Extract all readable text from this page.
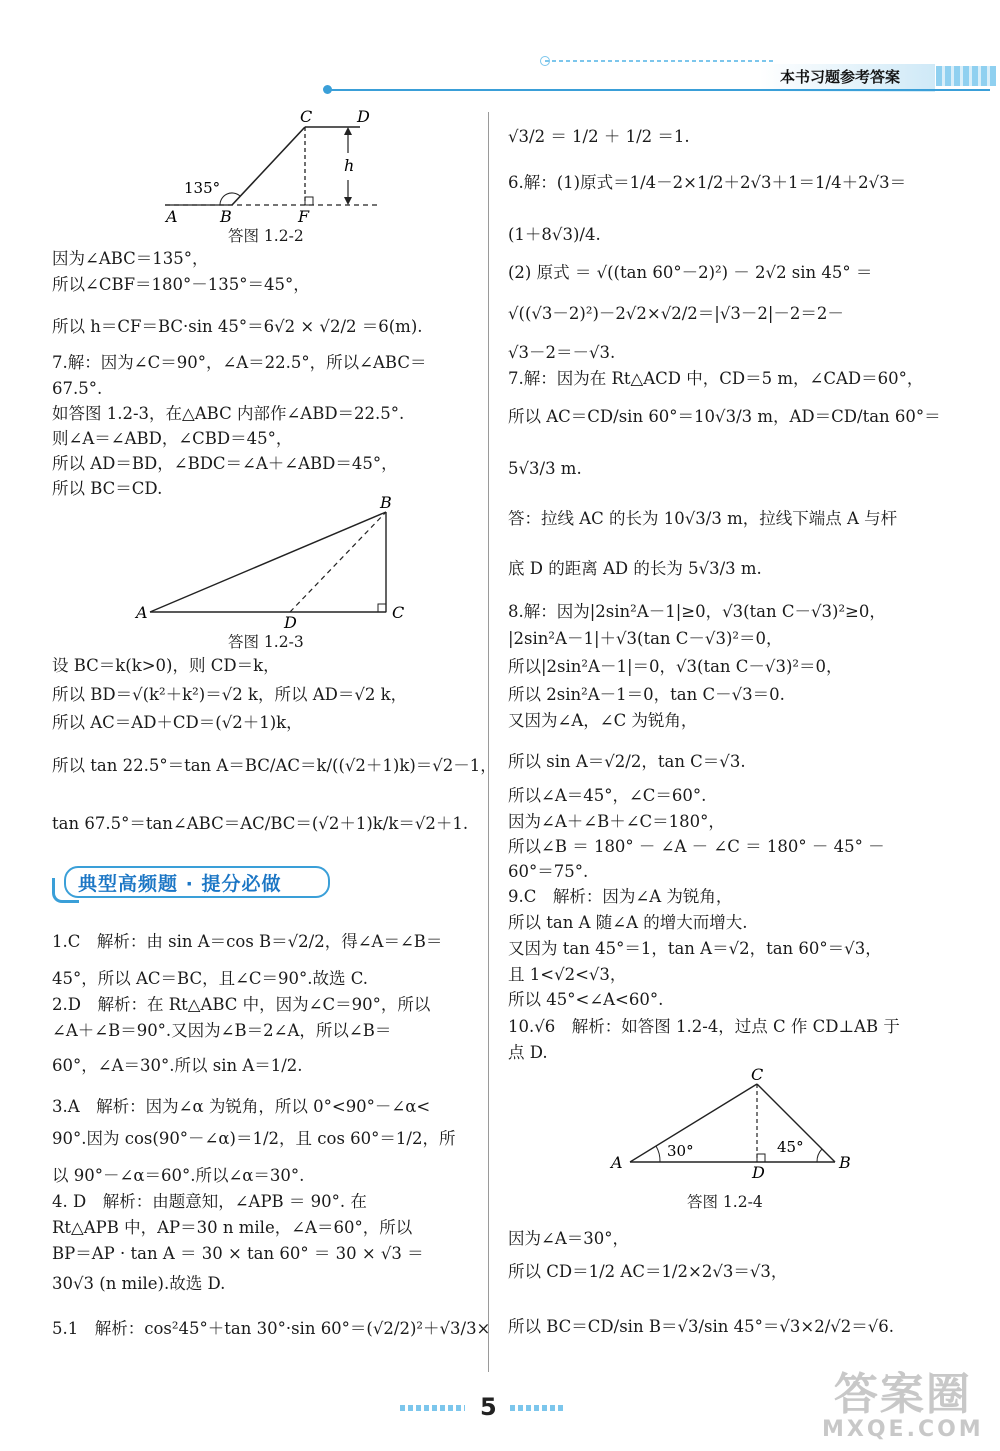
本书习题参考答案
C	D
h
135°
A	B	F
答图 1.2-2
B
A	C
D
答图 1.2-3
典型高频题 · 提分必做
C
A	B
D
30°	45°
答图 1.2-4

因为∠ABC＝135°，

所以∠CBF＝180°－135°＝45°，

所以 h＝CF＝BC·sin 45°＝6√2 × √2/2 ＝6(m).

7.解：因为∠C＝90°，∠A＝22.5°，所以∠ABC＝

67.5°.

如答图 1.2-3，在△ABC 内部作∠ABD＝22.5°.

则∠A＝∠ABD，∠CBD＝45°，

所以 AD＝BD，∠BDC＝∠A＋∠ABD＝45°，

所以 BC＝CD.

设 BC＝k(k>0)，则 CD＝k，

所以 BD＝√(k²＋k²)＝√2 k，所以 AD＝√2 k，

所以 AC＝AD＋CD＝(√2＋1)k，

所以 tan 22.5°＝tan A＝BC/AC＝k/((√2＋1)k)＝√2－1，

tan 67.5°＝tan∠ABC＝AC/BC＝(√2＋1)k/k＝√2＋1.

1.C　解析：由 sin A＝cos B＝√2/2，得∠A＝∠B＝

45°，所以 AC＝BC，且∠C＝90°.故选 C.

2.D　解析：在 Rt△ABC 中，因为∠C＝90°，所以

∠A＋∠B＝90°.又因为∠B＝2∠A，所以∠B＝

60°，∠A＝30°.所以 sin A＝1/2.

3.A　解析：因为∠α 为锐角，所以 0°<90°－∠α<

90°.因为 cos(90°－∠α)＝1/2，且 cos 60°＝1/2，所

以 90°－∠α＝60°.所以∠α＝30°.

4. D　解析：由题意知，∠APB ＝ 90°. 在

Rt△APB 中，AP＝30 n mile，∠A＝60°，所以

BP＝AP · tan A ＝ 30 × tan 60° ＝ 30 × √3 ＝

30√3 (n mile).故选 D.

5.1　解析：cos²45°＋tan 30°·sin 60°＝(√2/2)²＋√3/3×

√3/2 ＝ 1/2 ＋ 1/2 ＝1.

6.解：(1)原式＝1/4－2×1/2＋2√3＋1＝1/4＋2√3＝

(1＋8√3)/4.

(2) 原式 ＝ √((tan 60°－2)²) － 2√2 sin 45° ＝

√((√3－2)²)－2√2×√2/2＝|√3－2|－2＝2－

√3－2＝－√3.

7.解：因为在 Rt△ACD 中，CD＝5 m，∠CAD＝60°，

所以 AC＝CD/sin 60°＝10√3/3 m，AD＝CD/tan 60°＝

5√3/3 m.

答：拉线 AC 的长为 10√3/3 m，拉线下端点 A 与杆

底 D 的距离 AD 的长为 5√3/3 m.

8.解：因为|2sin²A－1|≥0，√3(tan C－√3)²≥0，

|2sin²A－1|＋√3(tan C－√3)²＝0，

所以|2sin²A－1|＝0，√3(tan C－√3)²＝0，

所以 2sin²A－1＝0，tan C－√3＝0.

又因为∠A，∠C 为锐角，

所以 sin A＝√2/2，tan C＝√3.

所以∠A＝45°，∠C＝60°.

因为∠A＋∠B＋∠C＝180°，

所以∠B ＝ 180° － ∠A － ∠C ＝ 180° － 45° －

60°＝75°.

9.C　解析：因为∠A 为锐角，

所以 tan A 随∠A 的增大而增大.

又因为 tan 45°＝1，tan A＝√2，tan 60°＝√3，

且 1<√2<√3，

所以 45°<∠A<60°.

10.√6　解析：如答图 1.2-4，过点 C 作 CD⊥AB 于

点 D.

因为∠A＝30°，

所以 CD＝1/2 AC＝1/2×2√3＝√3，

所以 BC＝CD/sin B＝√3/sin 45°＝√3×2/√2＝√6.

5	答案圈
MXQE.COM
